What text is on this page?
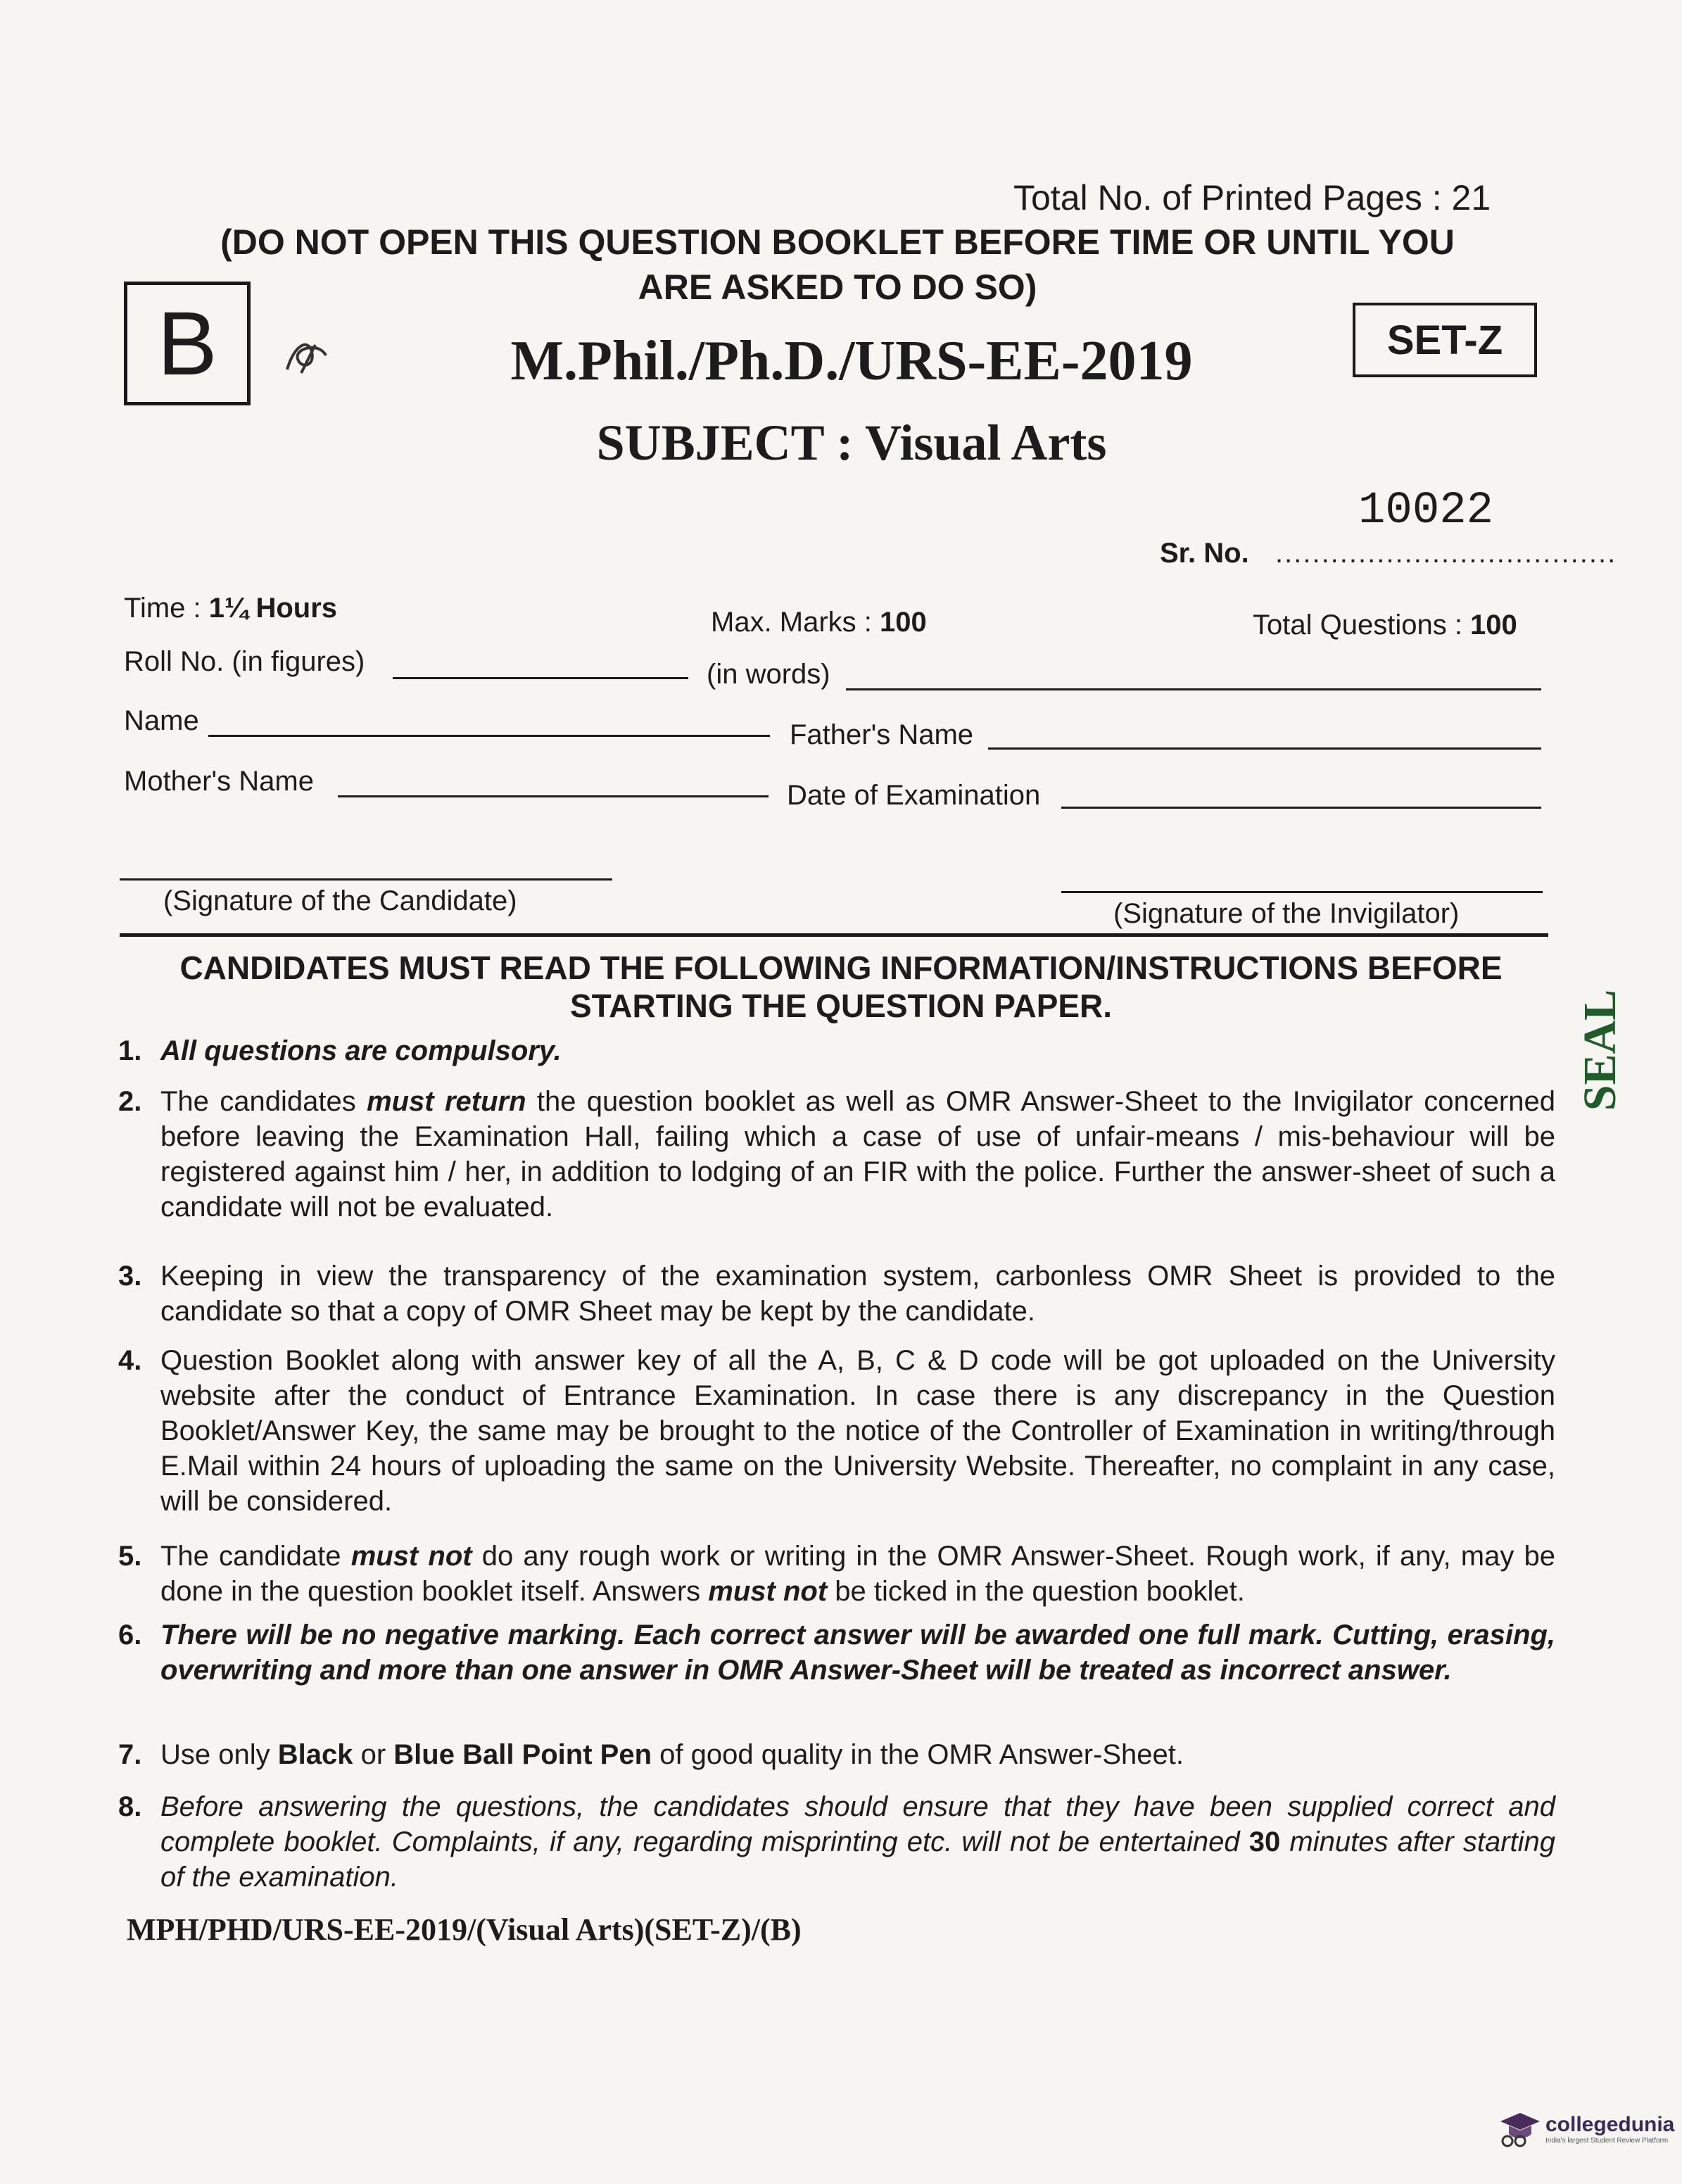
Total No. of Printed Pages : 21
(DO NOT OPEN THIS QUESTION BOOKLET BEFORE TIME OR UNTIL YOU
ARE ASKED TO DO SO)
B	M.Phil./Ph.D./URS-EE-2019	SET-Z
SUBJECT : Visual Arts
10022
Sr. No. .....................................
Time : 1¼ Hours	Max. Marks : 100	Total Questions : 100
Roll No. (in figures)	(in words)
Name	Father's Name
Mother's Name	Date of Examination
(Signature of the Candidate)	(Signature of the Invigilator)
CANDIDATES MUST READ THE FOLLOWING INFORMATION/INSTRUCTIONS BEFORE
STARTING THE QUESTION PAPER.
1. All questions are compulsory.
2. The candidates must return the question booklet as well as OMR Answer-Sheet to the Invigilator concerned before leaving the Examination Hall, failing which a case of use of unfair-means / mis-behaviour will be registered against him / her, in addition to lodging of an FIR with the police. Further the answer-sheet of such a candidate will not be evaluated.
3. Keeping in view the transparency of the examination system, carbonless OMR Sheet is provided to the candidate so that a copy of OMR Sheet may be kept by the candidate.
4. Question Booklet along with answer key of all the A, B, C & D code will be got uploaded on the University website after the conduct of Entrance Examination. In case there is any discrepancy in the Question Booklet/Answer Key, the same may be brought to the notice of the Controller of Examination in writing/through E.Mail within 24 hours of uploading the same on the University Website. Thereafter, no complaint in any case, will be considered.
5. The candidate must not do any rough work or writing in the OMR Answer-Sheet. Rough work, if any, may be done in the question booklet itself. Answers must not be ticked in the question booklet.
6. There will be no negative marking. Each correct answer will be awarded one full mark. Cutting, erasing, overwriting and more than one answer in OMR Answer-Sheet will be treated as incorrect answer.
7. Use only Black or Blue Ball Point Pen of good quality in the OMR Answer-Sheet.
8. Before answering the questions, the candidates should ensure that they have been supplied correct and complete booklet. Complaints, if any, regarding misprinting etc. will not be entertained 30 minutes after starting of the examination.
MPH/PHD/URS-EE-2019/(Visual Arts)(SET-Z)/(B)
SEAL
collegedunia
India's largest Student Review Platform
